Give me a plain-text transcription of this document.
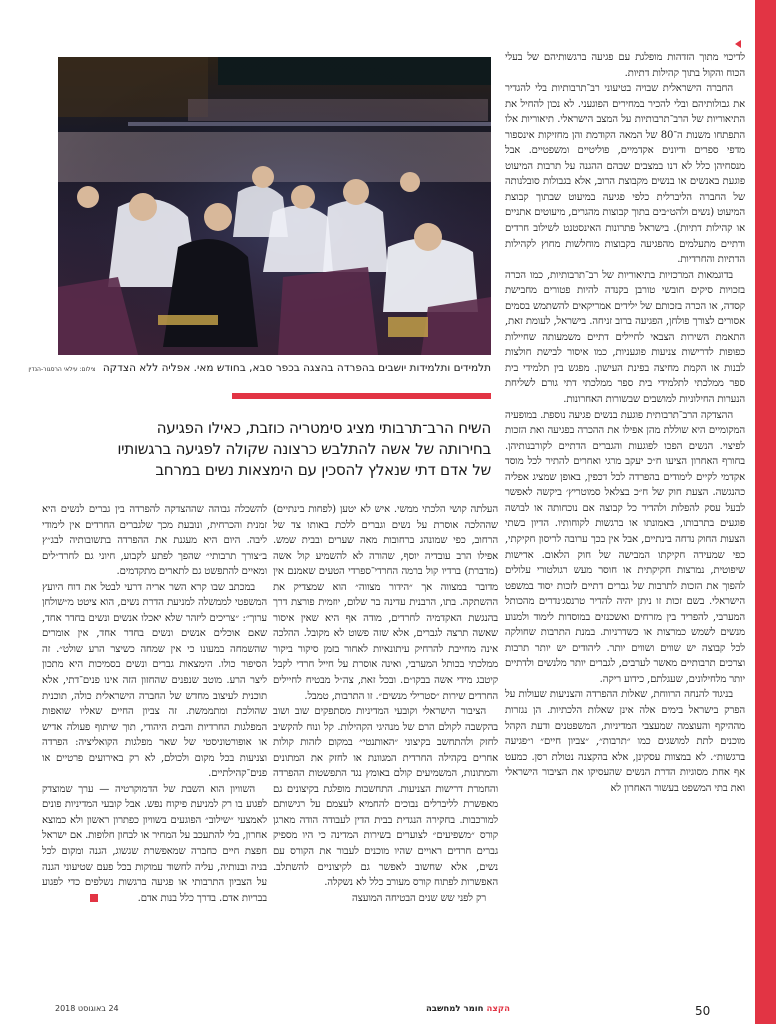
תלמידים ותלמידות יושבים בהפרדה בהצגה בכפר סבא, בחודש מאי. אפליה ללא הצדקה צילום: עילאי הרסגור-הנדין
השיח הרב־תרבותי מציג סימטריה כוזבת, כאילו הפגיעה
בחירותה של אשה להתלבש כרצונה שקולה לפגיעה ברגשותיו
של אדם דתי שנאלץ להסכין עם הימצאות נשים במרחב

לדיכוי מתוך הזדהות מופלגת עם פגיעה ברגשותיהם של בעלי הכוח והקול בתוך קהילות דתיות.

החברה הישראלית שבויה בטיעוני רב־תרבותיות בלי להגדיר את גבולותיהם ובלי להכיר במחירים הפוגעני. לא נכון להחיל את התיאוריות של הרב־תרבותיות על המצב הישראלי. תיאוריות אלו התפתחו משנות ה־80 של המאה הקודמת והן מחזיקות אינספור מדפי ספרים ודיונים אקדמיים, פוליטיים ומשפטיים. אבל מנסחיהן כלל לא דנו במצבים שבהם ההגנה על תרבות המיעוט פוגעת באנשים או בנשים מקבוצת הרוב, אלא בגבולות סובלנותה של החברה הליברלית כלפי פגיעה במיעוט שבתוך קבוצת המיעוט (נשים ולהט״בים בתוך קבוצות מהגרים, מיעוטים אתניים או קהילות דתיות). בישראל פתרונות האינסטנט לשילוב חרדים ודתיים מתעלמים מהפגיעה בקבוצות מוחלשות מחוץ לקהילות הדתיות והחרדיות.

בדוגמאות המרכזיות בתיאוריות של רב־תרבותיות, כמו הכרה בזכויות סיקים חובשי טורבן בקנדה להיות פטורים מחבישת קסדה, או הכרה בזכותם של ילידים אמריקאים להשתמש בסמים אסורים לצורך פולחן, הפגיעה ברוב זניחה. בישראל, לעומת זאת, התאמת השירות הצבאי לחיילים דתיים משמעותה שחיילות כפופות לדרישות צניעות פוגעניות, כמו איסור לבישת חולצות לבנות או הקמת מחיצה בפינת העישון. מפגש בין תלמידי בית ספר ממלכתי לתלמידי בית ספר ממלכתי דתי גורם לשליחת הנערות החילוניות למושבים שבשורות האחרונות.

ההצדקה הרב־תרבותית פוגעת בנשים פגיעה נוספת. במופעיה המקומיים היא שוללת מהן אפילו את ההכרה בפגיעה ואת הזכות לפיצוי. הנשים הפכו לפוגעות והגברים הדתיים לקורבנותיהן. בחורף האחרון הציעו ח״כ יעקב מרגי ואחרים להתיר לכל מוסד אקדמי לקיים לימודים בהפרדה לכל דכפין, באופן שמציג אפליה כהנגשה. הצעת חוק של ח״כ בצלאל סמוטריץ׳ ביקשה לאפשר לבעל עסק להפלות ולהדיר כל קבוצה אם נוכחותה או לבושה פוגעים בתרבותו, באמונתו או ברגשות לקוחותיו. הדיון בשתי הצעות החוק נדחה בינתיים, אבל אין בכך ערובה לריסון חקיקתי, כפי שמעידה חקיקתו המבישה של חוק הלאום. אדישות שיפוטית, נמרצות חקיקתית או חוסר מעש רגולטורי עלולים להפוך את הזכות לתרבות של גברים דתיים לזכות יסוד במשפט הישראלי. בשם זכות זו ניתן יהיה להדיר טרנסג׳נדרים מהכותל המערבי, להפריד בין מזרחים ואשכנזים במוסדות לימוד ולמנוע מנשים לשמש כמרצות או כשדרניות. במנת התרבות שחולקה לכל קבוצה יש שווים ושווים יותר. ליהודים יש יותר תרבות וצרכים תרבותיים מאשר לערבים, לגברים יותר מלנשים ולדתיים יותר מלחילונים, שעגלתם, כידוע ריקה.

בניגוד להנחה הרווחת, שאלות ההפרדה והצניעות שעולות על הפרק בישראל בימים אלה אינן שאלות הלכתיות. הן נגזרות מההיקף והעוצמה שמעצבי המדיניות, המשפטנים ודעת הקהל מוכנים לתת למושגים כמו ״תרבות״, ״צביון חיים״ ו״פגיעה ברגשות״. לא במצוות עסקינן, אלא בהקצנה נטולת רסן. כמעט אף אחת מסוגיות הדרת הנשים שהעסיקו את הציבור הישראלי ואת בתי המשפט בעשור האחרון לא

העלתה קושי הלכתי ממשי. איש לא יטען (לפחות בינתיים) שההלכה אוסרת על נשים וגברים ללכת באותו צד של הרחוב, כפי שמונהג ברחובות מאה שערים ובבית שמש. אפילו הרב עובדיה יוסף, שהורה לא להשמיע קול אשה (מדברת) ברדיו קול ברמה החרדי־ספרדי הטעים שאמנם אין מדובר במצווה אך ״הידור מצווה״ הוא שמצדיק את ההשתקה. בתו, הרבנית עדינה בר שלום, יוזמית פורצת דרך בהנגשת האקדמיה לחרדים, מודה אף היא שאין איסור שאשה תרצה לגברים, אלא שזה פשוט לא מקובל. ההלכה אינה מחייבת להרחיק עיתונאיות לאחור בזמן סיקור ביקור ממלכתי בכותל המערבי, ואינה אוסרת על חייל חרדי לקבל קיטבג מידי אשה בבקו״ם. ובכל זאת, צה״ל מבטיח לחיילים החרדים שירות ״סטרילי מנשים״. זו התרבות, טמבל.

הציבור הישראלי וקובעי המדיניות מסתפקים שוב ושוב בהקשבה לקולם הרם של מנהיגי הקהילות. קל ונוח להקשיב לחזק ולהתחשב בקיצוני ״האותנטי״ במקום לזהות קולות אחרים בקהילה החרדית המגוונת או לחזק את המתונים והמתונות, המשמיעים קולם באומץ נגד התפשטות ההפרדה והחמרת דרישות הצניעות. התחשבות מופלגת בקיצונים גם מאפשרת לליברלים נבוכים להחמיא לעצמם על רגישותם למורכבות. בחקירה הנגדית בבית הדין לעבודה הודה מארגן קורס ״משפיעים״ לצוערים בשירות המדינה כי היו מספיק גברים חרדים ראויים שהיו מוכנים לעבור את הקורס עם נשים, אלא שחשוב לאפשר גם לקיצוניים להשתלב. האפשרות לפתוח קורס מעורב כלל לא נשקלה.

רק לפני שש שנים הבטיחה המועצה

להשכלה גבוהה שההצדקה להפרדה בין גברים לנשים היא זמנית והכרחית, ונובעת מכך שלגברים החרדים אין לימודי ליבה. היום היא מעגנת את ההפרדה בתשובותיה לבג״ץ ב״צורך תרבותי״ שהפך לפתע לקבוע, חיוני גם לחרד״לים ומאיים להתפשט גם לתארים מתקדמים.

במכתב שבו קרא השר אריה דרעי לבטל את דוח היועץ המשפטי לממשלה למניעת הדרת נשים, הוא ציטט מ״שולחן ערוך״: ״צריכים ליזהר שלא יאכלו אנשים ונשים בחדר אחד, שאם אוכלים אנשים ונשים בחדר אחד, אין אומרים שהשמחה במעונו כי אין שמחה כשיצר הרע שולט״. זה הסיפור כולו. הימצאות גברים ונשים בסמיכות היא מתכון ליצר הרע. מוטב שנפנים שהחזון הזה אינו פנים־דתי, אלא תוכנית לעיצוב מחדש של החברה הישראלית כולה, תוכנית שהולכת ומתממשת. זה צביון החיים שאליו שואפות המפלגות החרדיות והבית היהודי, תוך שיתוף פעולה אדיש או אופורטוניסטי של שאר מפלגות הקואליציה: הפרדה וצניעות בכל מקום ולכולם, לא רק באירועים פרטיים או פנים־קהילתיים.

השוויון הוא השבת של הדמוקרטיה — ערך שמוצדק לפגוע בו רק למניעת פיקוח נפש. אבל קובעי המדיניות פונים לאמצעי ״שילוב״ הפוגעים בשוויון כפתרון ראשון ולא כמוצא אחרון, בלי להתעכב על המחיר או לבחון חלופות. אם ישראל חפצת חיים כחברה שמאפשרת שגשוג, הגנה ומקום לכל בניה ובנותיה, עליה לחשוד עמוקות בכל פעם שטיעוני הגנה על הצביון התרבותי או פגיעה ברגשות נשלפים כדי לפגוע בבריות אדם. בדרך כלל בנות אדם.

50
הקצה חומר למחשבה
24 באוגוסט 2018
